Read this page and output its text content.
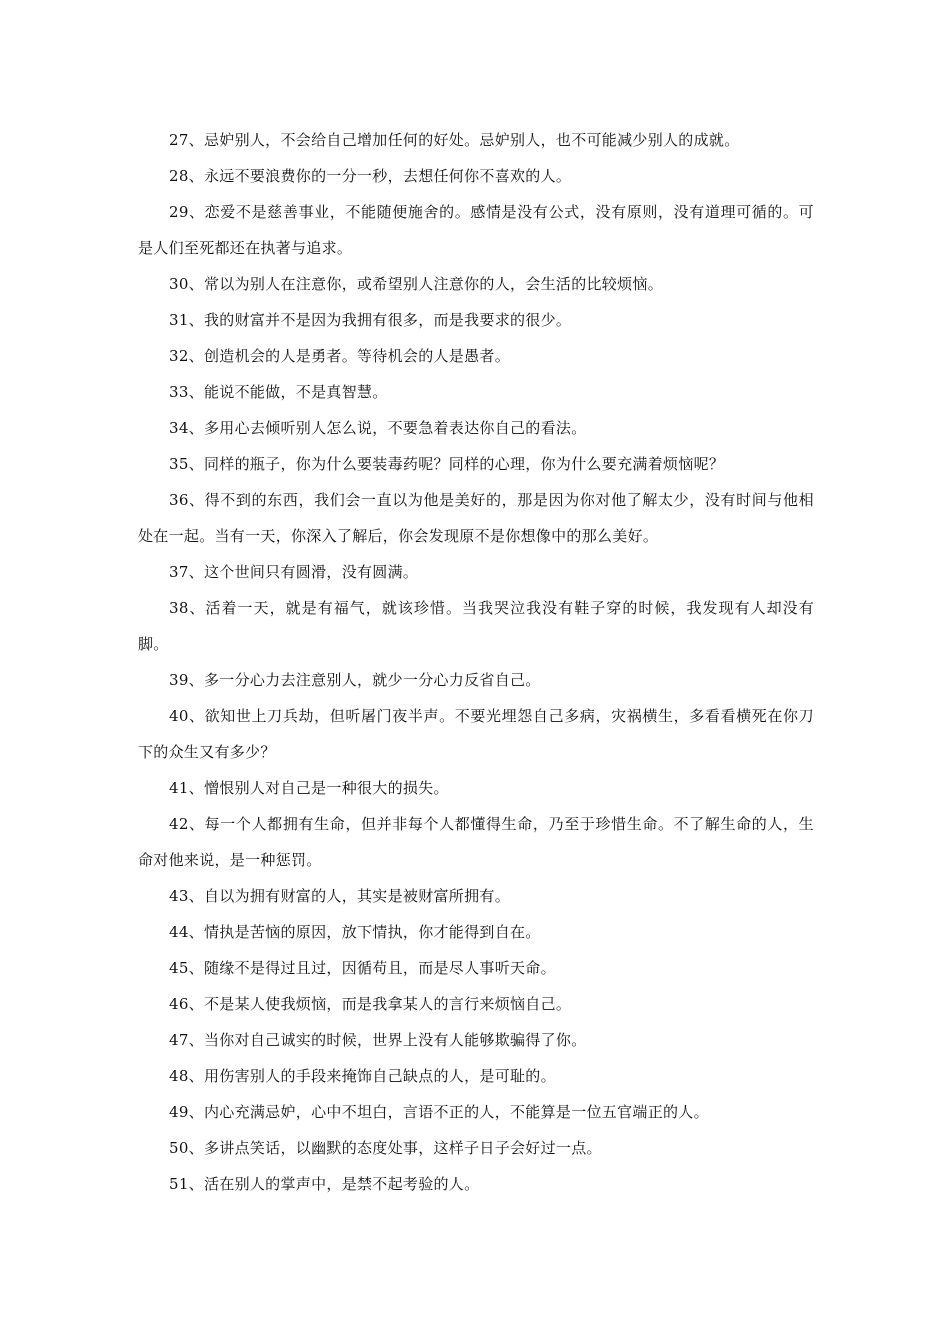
27、忌妒别人，不会给自己增加任何的好处。忌妒别人，也不可能减少别人的成就。

28、永远不要浪费你的一分一秒，去想任何你不喜欢的人。

29、恋爱不是慈善事业，不能随便施舍的。感情是没有公式，没有原则，没有道理可循的。可是人们至死都还在执著与追求。

30、常以为别人在注意你，或希望别人注意你的人，会生活的比较烦恼。

31、我的财富并不是因为我拥有很多，而是我要求的很少。

32、创造机会的人是勇者。等待机会的人是愚者。

33、能说不能做，不是真智慧。

34、多用心去倾听别人怎么说，不要急着表达你自己的看法。

35、同样的瓶子，你为什么要装毒药呢？同样的心理，你为什么要充满着烦恼呢？

36、得不到的东西，我们会一直以为他是美好的，那是因为你对他了解太少，没有时间与他相处在一起。当有一天，你深入了解后，你会发现原不是你想像中的那么美好。

37、这个世间只有圆滑，没有圆满。

38、活着一天，就是有福气，就该珍惜。当我哭泣我没有鞋子穿的时候，我发现有人却没有脚。

39、多一分心力去注意别人，就少一分心力反省自己。

40、欲知世上刀兵劫，但听屠门夜半声。不要光埋怨自己多病，灾祸横生，多看看横死在你刀下的众生又有多少？

41、憎恨别人对自己是一种很大的损失。

42、每一个人都拥有生命，但并非每个人都懂得生命，乃至于珍惜生命。不了解生命的人，生命对他来说，是一种惩罚。

43、自以为拥有财富的人，其实是被财富所拥有。

44、情执是苦恼的原因，放下情执，你才能得到自在。

45、随缘不是得过且过，因循苟且，而是尽人事听天命。

46、不是某人使我烦恼，而是我拿某人的言行来烦恼自己。

47、当你对自己诚实的时候，世界上没有人能够欺骗得了你。

48、用伤害别人的手段来掩饰自己缺点的人，是可耻的。

49、内心充满忌妒，心中不坦白，言语不正的人，不能算是一位五官端正的人。

50、多讲点笑话，以幽默的态度处事，这样子日子会好过一点。

51、活在别人的掌声中，是禁不起考验的人。
